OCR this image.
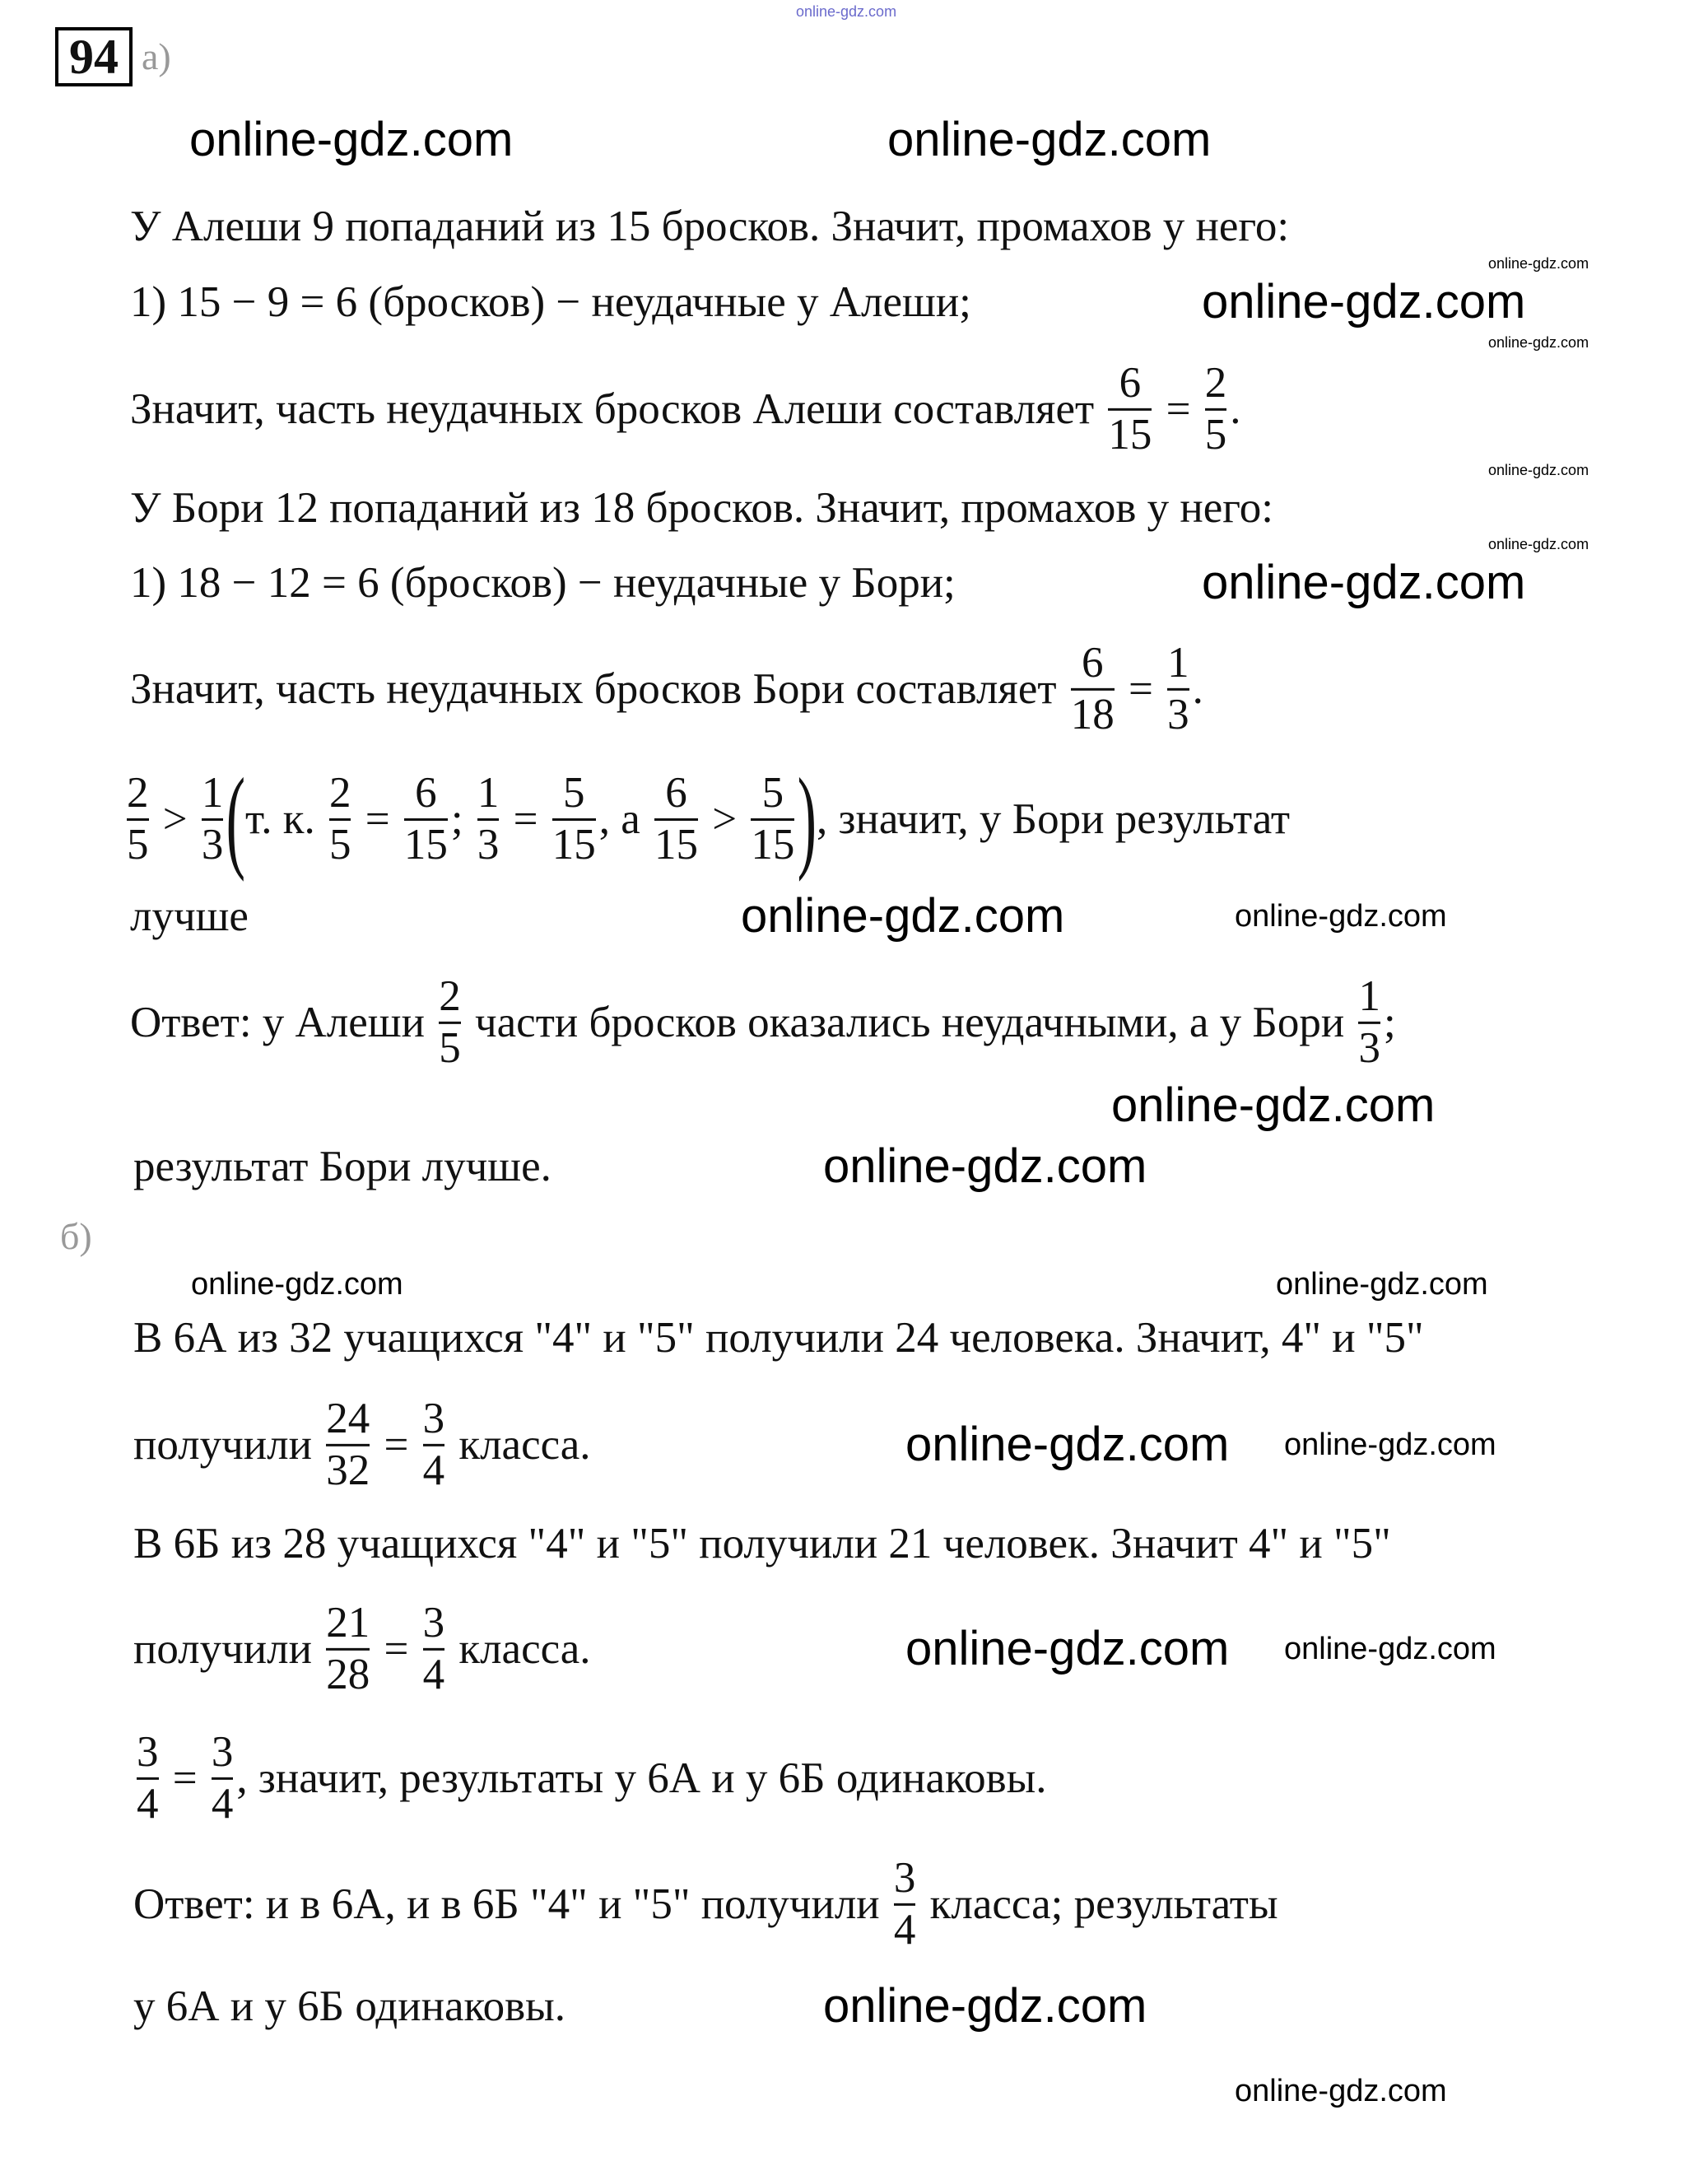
94 а)
б)
У Алеши 9 попаданий из 15 бросков. Значит, промахов у него:
1) 15 − 9 = 6 (бросков) − неудачные у Алеши;
Значит, часть неудачных бросков Алеши составляет $\frac{6}{15} = \frac{2}{5}$ .
У Бори 12 попаданий из 18 бросков. Значит, промахов у него:
1) 18 − 12 = 6 (бросков) − неудачные у Бори;
Значит, часть неудачных бросков Бори составляет $\frac{6}{18} = \frac{1}{3}$ .
$\frac{2}{5} > \frac{1}{3}$ ( т. к. $\frac{2}{5} = \frac{6}{15}$ ; $\frac{1}{3} = \frac{5}{15}$ , а $\frac{6}{15} > \frac{5}{15}$ ) , значит, у Бори результат
лучше
Ответ: у Алеши $\frac{2}{5}$ части бросков оказались неудачными, а у Бори $\frac{1}{3}$ ;
результат Бори лучше.
В 6А из 32 учащихся "4" и "5" получили 24 человека. Значит, 4" и "5"
получили $\frac{24}{32} = \frac{3}{4}$ класса.
В 6Б из 28 учащихся "4" и "5" получили 21 человек. Значит 4" и "5"
получили $\frac{21}{28} = \frac{3}{4}$ класса.
$\frac{3}{4} = \frac{3}{4}$ , значит, результаты у 6А и у 6Б одинаковы.
Ответ: и в 6А, и в 6Б "4" и "5" получили $\frac{3}{4}$ класса; результаты
у 6А и у 6Б одинаковы.
online-gdz.com
online-gdz.com
online-gdz.com
online-gdz.com
online-gdz.com
online-gdz.com	online-gdz.com
online-gdz.com
online-gdz.com
online-gdz.com
online-gdz.com
online-gdz.com
online-gdz.com
online-gdz.com
online-gdz.com
online-gdz.com
online-gdz.com	online-gdz.com
online-gdz.com
online-gdz.com
online-gdz.com
